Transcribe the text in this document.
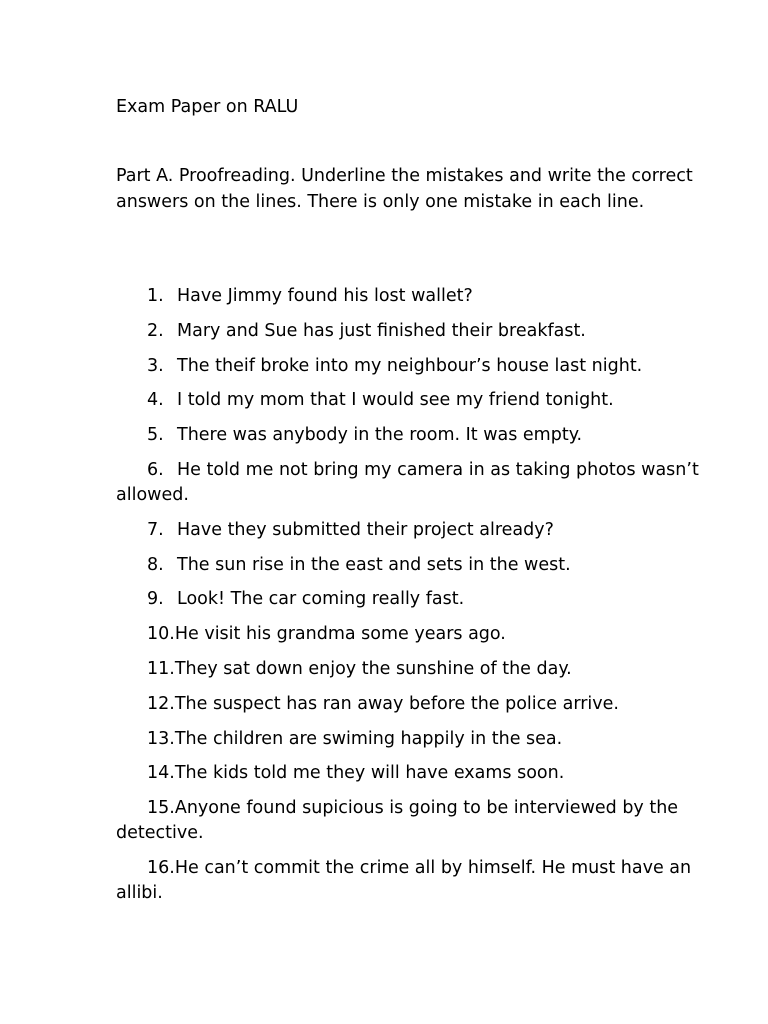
Exam Paper on RALU
Part A. Proofreading. Underline the mistakes and write the correct answers on the lines. There is only one mistake in each line.
1. Have Jimmy found his lost wallet?
2. Mary and Sue has just finished their breakfast.
3. The theif broke into my neighbour’s house last night.
4. I told my mom that I would see my friend tonight.
5. There was anybody in the room. It was empty.
6. He told me not bring my camera in as taking photos wasn’t allowed.
7. Have they submitted their project already?
8. The sun rise in the east and sets in the west.
9. Look! The car coming really fast.
10.He visit his grandma some years ago.
11.They sat down enjoy the sunshine of the day.
12.The suspect has ran away before the police arrive.
13.The children are swiming happily in the sea.
14.The kids told me they will have exams soon.
15.Anyone found supicious is going to be interviewed by the detective.
16.He can’t commit the crime all by himself. He must have an allibi.
